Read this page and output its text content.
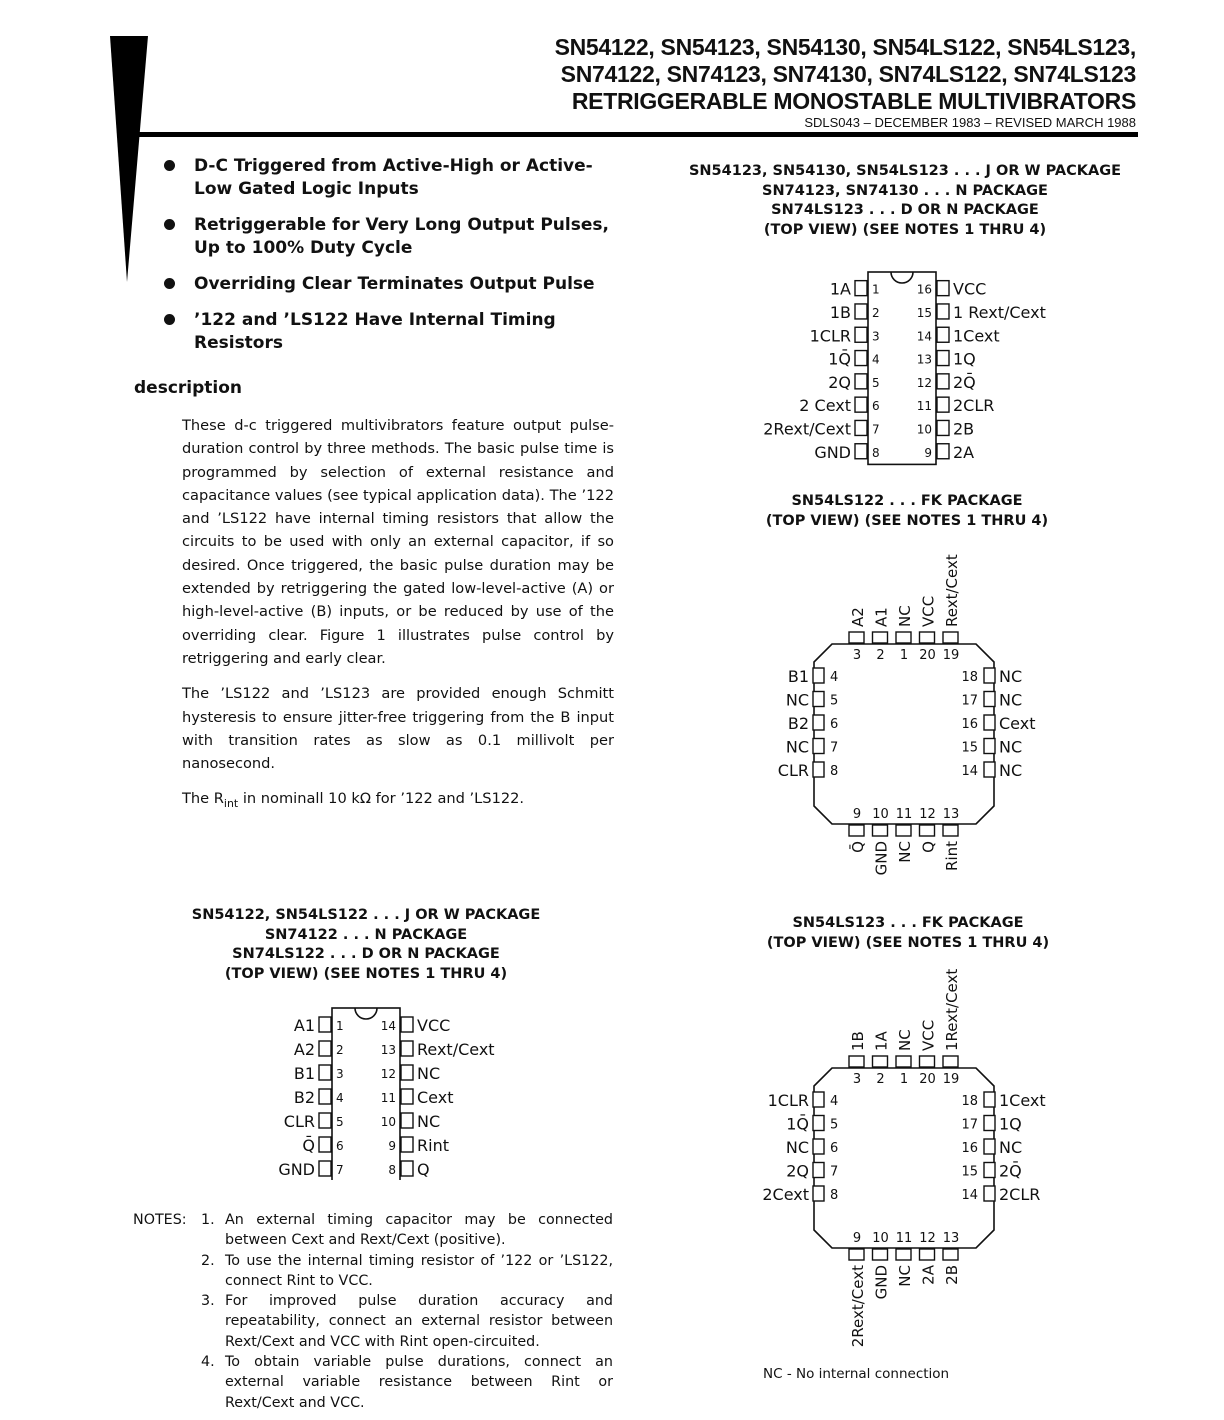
SN54122, SN54123, SN54130, SN54LS122, SN54LS123,
SN74122, SN74123, SN74130, SN74LS122, SN74LS123
RETRIGGERABLE MONOSTABLE MULTIVIBRATORS
SDLS043 – DECEMBER 1983 – REVISED MARCH 1988
D-C Triggered from Active-High or Active-Low Gated Logic Inputs
Retriggerable for Very Long Output Pulses, Up to 100% Duty Cycle
Overriding Clear Terminates Output Pulse
’122 and ’LS122 Have Internal Timing Resistors
description

These d-c triggered multivibrators feature output pulse-duration control by three methods. The basic pulse time is programmed by selection of external resistance and capacitance values (see typical application data). The ’122 and ’LS122 have internal timing resistors that allow the circuits to be used with only an external capacitor, if so desired. Once triggered, the basic pulse duration may be extended by retriggering the gated low-level-active (A) or high-level-active (B) inputs, or be reduced by use of the overriding clear. Figure 1 illustrates pulse control by retriggering and early clear.

The ’LS122 and ’LS123 are provided enough Schmitt hysteresis to ensure jitter-free triggering from the B input with transition rates as slow as 0.1 millivolt per nanosecond.

The $R_{int}$ in nominall 10 kΩ for ’122 and ’LS122.

SN54123, SN54130, SN54LS123 . . . J OR W PACKAGE
SN74123, SN74130 . . . N PACKAGE
SN74LS123 . . . D OR N PACKAGE
(TOP VIEW) (SEE NOTES 1 THRU 4)
SN54LS122 . . . FK PACKAGE
(TOP VIEW) (SEE NOTES 1 THRU 4)
SN54122, SN54LS122 . . . J OR W PACKAGE
SN74122 . . . N PACKAGE
SN74LS122 . . . D OR N PACKAGE
(TOP VIEW) (SEE NOTES 1 THRU 4)
SN54LS123 . . . FK PACKAGE
(TOP VIEW) (SEE NOTES 1 THRU 4)
1
1A
2
1B
3
1CLR
4
1Q̄
5
2Q
6
2 Cext
7
2Rext/Cext
8
GND
16 VCC
15 1 Rext/Cext
14 1Cext
13 1Q
12 2Q̄
11 2CLR
10 2B
9 2A
3
A2
2
A1
1
NC
20
VCC
19
Rext/Cext
9
Q̄
10
GND
11
NC
12
Q
13
Rint
4
B1
5
NC
6
B2
7
NC
8
CLR
18 NC
17 NC
16 Cext
15 NC
14 NC
1
A1
2
A2
3
B1
4
B2
5
CLR
6
Q̄
7
GND
14 VCC
13 Rext/Cext
12 NC
11 Cext
10 NC
9 Rint
8 Q
3
1B
2
1A
1
NC
20
VCC
19
1Rext/Cext
9
2Rext/Cext
10
GND
11
NC
12
2A
13
2B
4
1CLR
5
1Q̄
6
NC
7
2Q
8
2Cext
18 1Cext
17 1Q
16 NC
15 2Q̄
14 2CLR
NOTES: 1. An external timing capacitor may be connected between Cext and Rext/Cext (positive).
2. To use the internal timing resistor of ’122 or ’LS122, connect Rint to VCC.
3. For improved pulse duration accuracy and repeatability, connect an external resistor between Rext/Cext and VCC with Rint open-circuited.
4. To obtain variable pulse durations, connect an external variable resistance between Rint or Rext/Cext and VCC.
NC - No internal connection
